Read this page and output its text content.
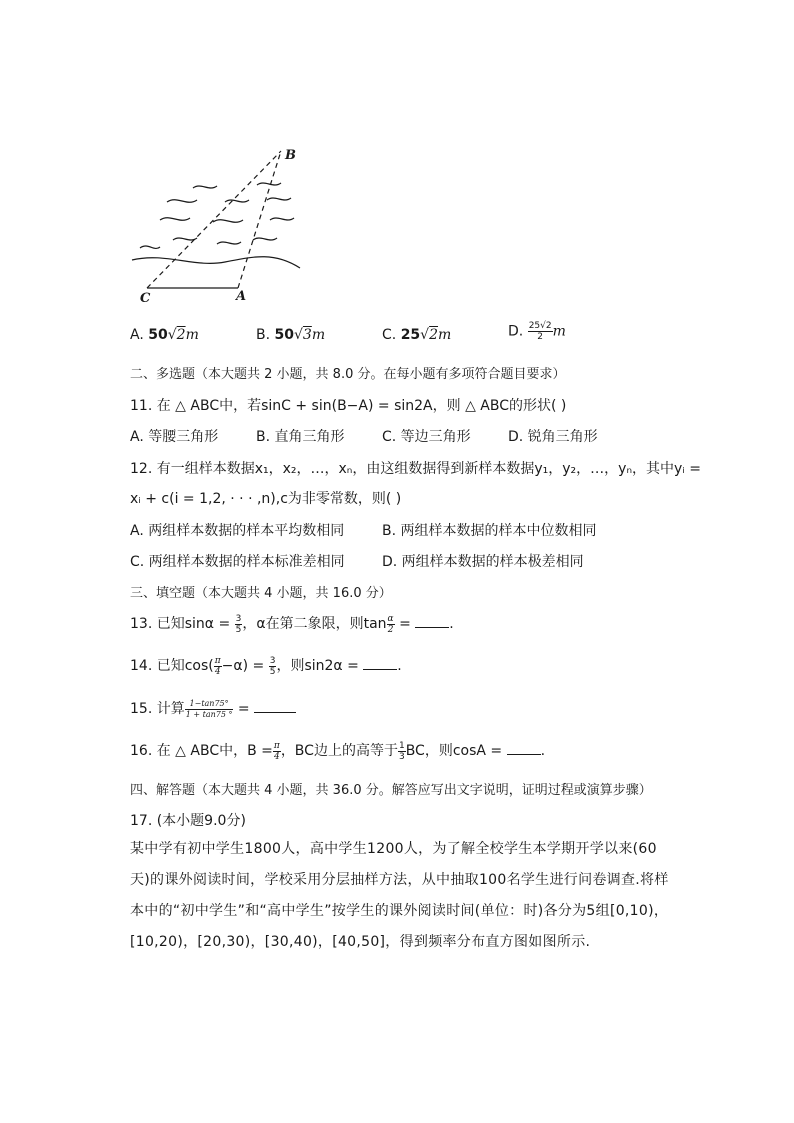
B
C	A
A. 50√2m	B. 50√3m	C. 25√2m	D. $\frac{25√2}{2}$ m
二、多选题（本大题共 2 小题，共 8.0 分。在每小题有多项符合题目要求）
11. 在 △ ABC中，若sinC + sin(B−A) = sin2A，则 △ ABC的形状( )
A. 等腰三角形	B. 直角三角形	C. 等边三角形	D. 锐角三角形
12. 有一组样本数据x₁，x₂，…，xₙ，由这组数据得到新样本数据y₁，y₂，…，yₙ，其中yᵢ =
xᵢ + c(i = 1,2, · · · ,n),c为非零常数，则( )
A. 两组样本数据的样本平均数相同	B. 两组样本数据的样本中位数相同
C. 两组样本数据的样本标准差相同	D. 两组样本数据的样本极差相同
三、填空题（本大题共 4 小题，共 16.0 分）
13. 已知$\sin\alpha = \frac{3}{5}$ ，α在第二象限，则$\tan \frac{\alpha}{2}$ = .
14. 已知$\cos( \frac{\pi}{4} -\alpha) = \frac{3}{5}$ ，则sin2α = .
15. 计算 $\frac{1-\tan 75^\circ}{1 + \tan 75 ^\circ}$ =
16. 在 △ ABC中，$B = \frac{\pi}{4}$ ，BC边上的高等于 $\frac{1}{3}$ BC，则cosA = .
四、解答题（本大题共 4 小题，共 36.0 分。解答应写出文字说明，证明过程或演算步骤）
17. (本小题9.0分)
某中学有初中学生1800人，高中学生1200人，为了解全校学生本学期开学以来(60天)的课外阅读时间，学校采用分层抽样方法，从中抽取100名学生进行问卷调查.将样本中的“初中学生”和“高中学生”按学生的课外阅读时间(单位：时)各分为5组[0,10)，[10,20)，[20,30)，[30,40)，[40,50]，得到频率分布直方图如图所示.
